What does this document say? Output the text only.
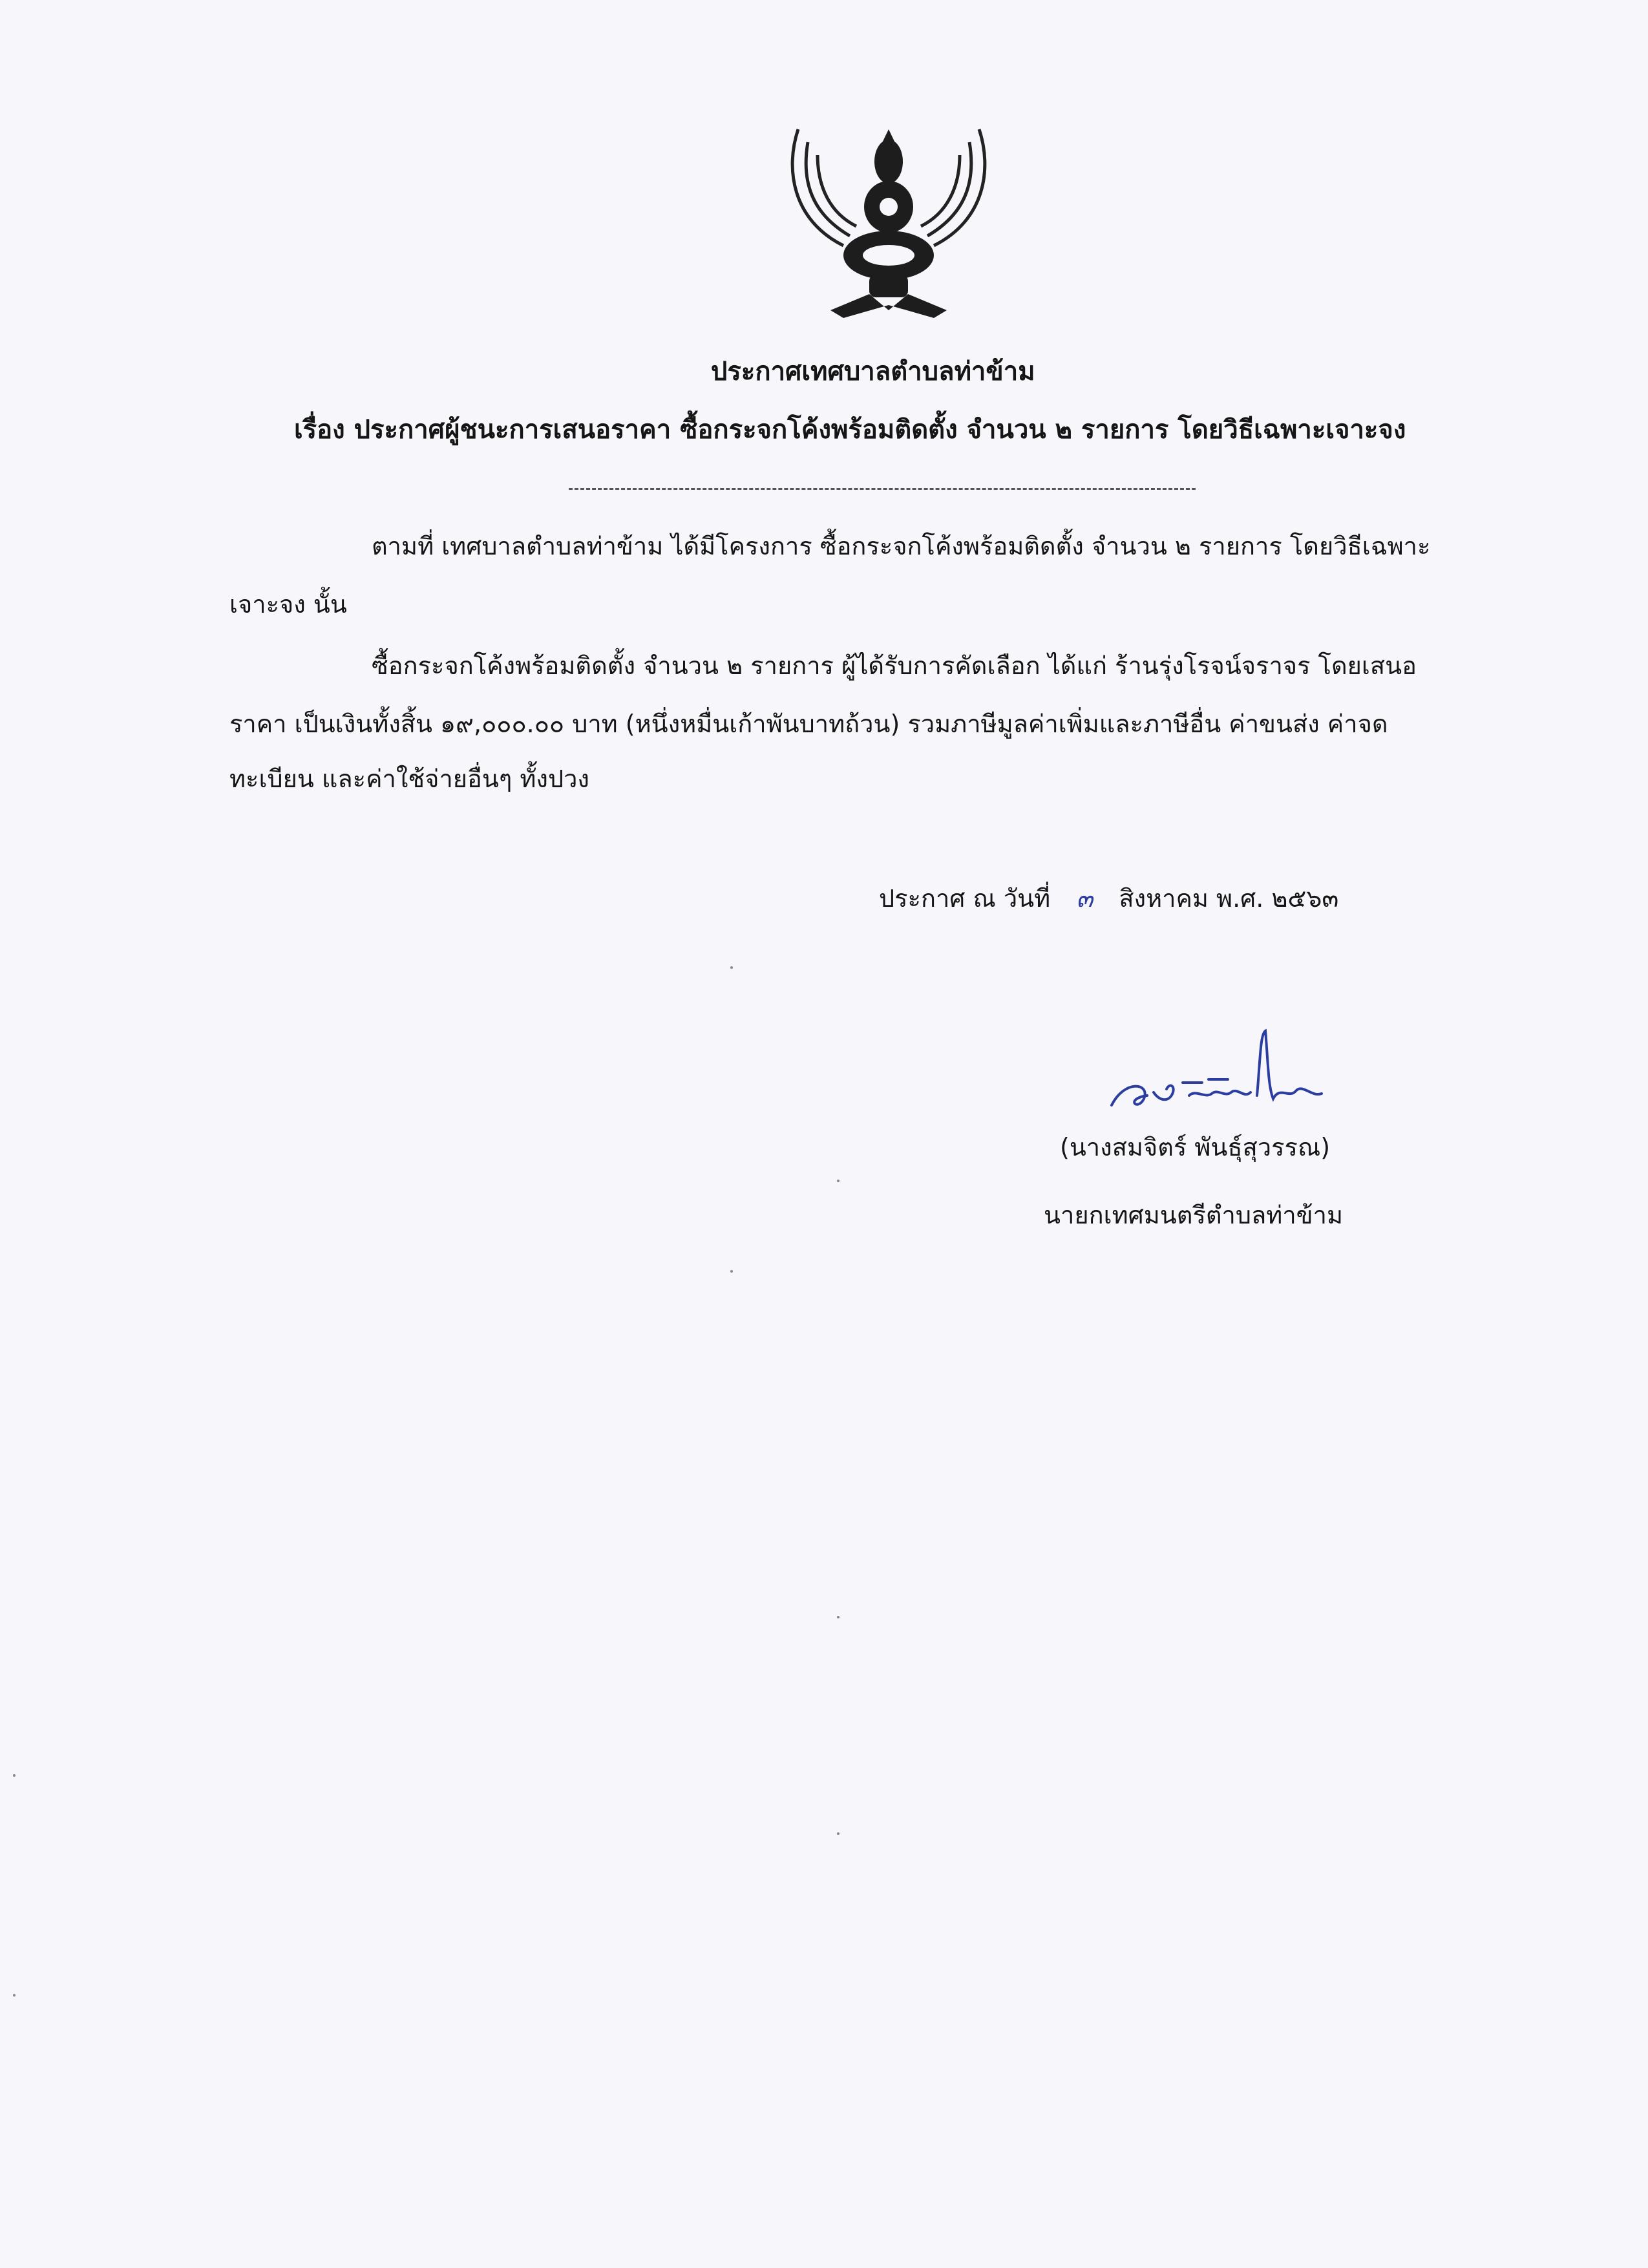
ประกาศเทศบาลตำบลท่าข้าม
เรื่อง ประกาศผู้ชนะการเสนอราคา ซื้อกระจกโค้งพร้อมติดตั้ง จำนวน ๒ รายการ โดยวิธีเฉพาะเจาะจง
ตามที่ เทศบาลตำบลท่าข้าม ได้มีโครงการ ซื้อกระจกโค้งพร้อมติดตั้ง จำนวน ๒ รายการ โดยวิธีเฉพาะ
เจาะจง นั้น
ซื้อกระจกโค้งพร้อมติดตั้ง จำนวน ๒ รายการ ผู้ได้รับการคัดเลือก ได้แก่ ร้านรุ่งโรจน์จราจร โดยเสนอ
ราคา เป็นเงินทั้งสิ้น ๑๙,๐๐๐.๐๐ บาท (หนึ่งหมื่นเก้าพันบาทถ้วน) รวมภาษีมูลค่าเพิ่มและภาษีอื่น ค่าขนส่ง ค่าจด
ทะเบียน และค่าใช้จ่ายอื่นๆ ทั้งปวง
ประกาศ ณ วันที่ ๓ สิงหาคม พ.ศ. ๒๕๖๓
(นางสมจิตร์ พันธุ์สุวรรณ)
นายกเทศมนตรีตำบลท่าข้าม
